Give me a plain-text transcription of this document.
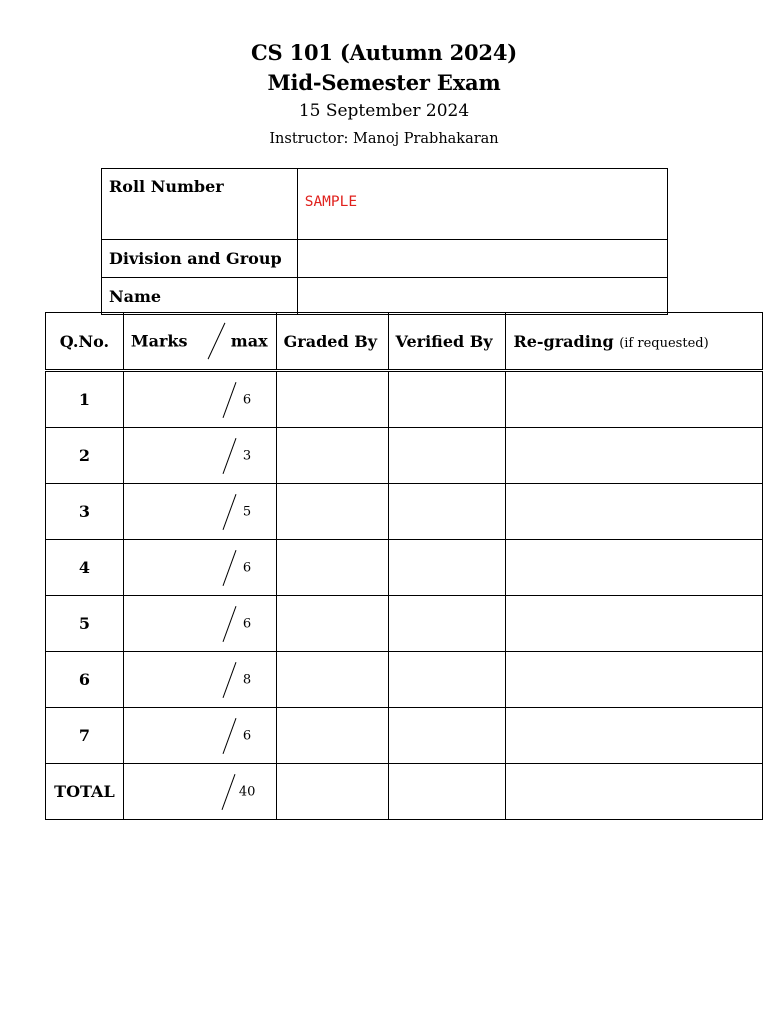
CS 101 (Autumn 2024)
Mid-Semester Exam
15 September 2024
Instructor: Manoj Prabhakaran
Roll Number	SAMPLE
Division and Group	
Name	
Q.No.	Marks max	Graded By	Verified By	Re-grading (if requested)
1	6			

2	3			

3	5			

4	6			

5	6			

6	8			

7	6			

TOTAL	40			
